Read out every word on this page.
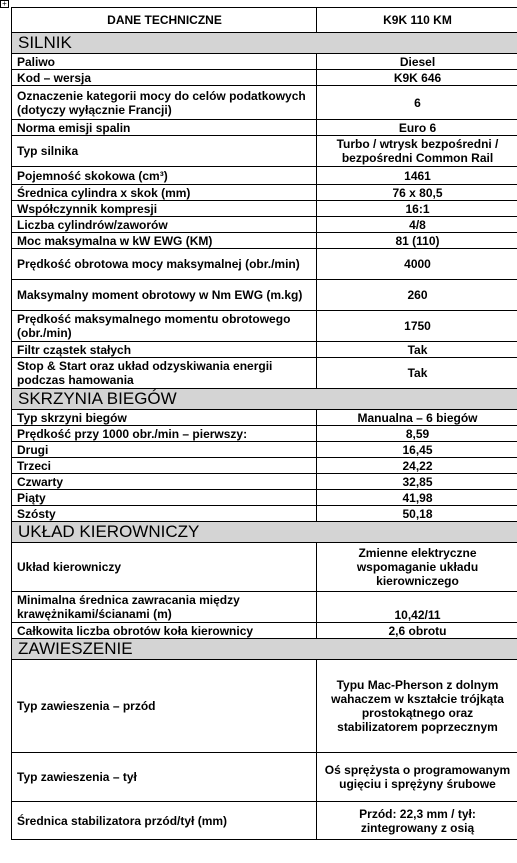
+
DANE TECHNICZNE	K9K 110 KM
SILNIK	
Paliwo	Diesel
Kod – wersja	K9K 646
Oznaczenie kategorii mocy do celów podatkowych (dotyczy wyłącznie Francji)	6
Norma emisji spalin	Euro 6
Typ silnika	Turbo / wtrysk bezpośredni / bezpośredni Common Rail
Pojemność skokowa (cm³)	1461
Średnica cylindra x skok (mm)	76 x 80,5
Współczynnik kompresji	16:1
Liczba cylindrów/zaworów	4/8
Moc maksymalna w kW EWG (KM)	81 (110)
Prędkość obrotowa mocy maksymalnej (obr./min)	4000
Maksymalny moment obrotowy w Nm EWG (m.kg)	260
Prędkość maksymalnego momentu obrotowego (obr./min)	1750
Filtr cząstek stałych	Tak
Stop & Start oraz układ odzyskiwania energii podczas hamowania	Tak
SKRZYNIA BIEGÓW	
Typ skrzyni biegów	Manualna – 6 biegów
Prędkość przy 1000 obr./min – pierwszy:	8,59
Drugi	16,45
Trzeci	24,22
Czwarty	32,85
Piąty	41,98
Szósty	50,18
UKŁAD KIEROWNICZY	
Układ kierowniczy	Zmienne elektryczne wspomaganie układu kierowniczego
Minimalna średnica zawracania między krawężnikami/ścianami (m)	10,42/11
Całkowita liczba obrotów koła kierownicy	2,6 obrotu
ZAWIESZENIE	
Typ zawieszenia – przód	Typu Mac-Pherson z dolnym wahaczem w kształcie trójkąta prostokątnego oraz stabilizatorem poprzecznym
Typ zawieszenia – tył	Oś sprężysta o programowanym ugięciu i sprężyny śrubowe
Średnica stabilizatora przód/tył (mm)	Przód: 22,3 mm / tył: zintegrowany z osią
